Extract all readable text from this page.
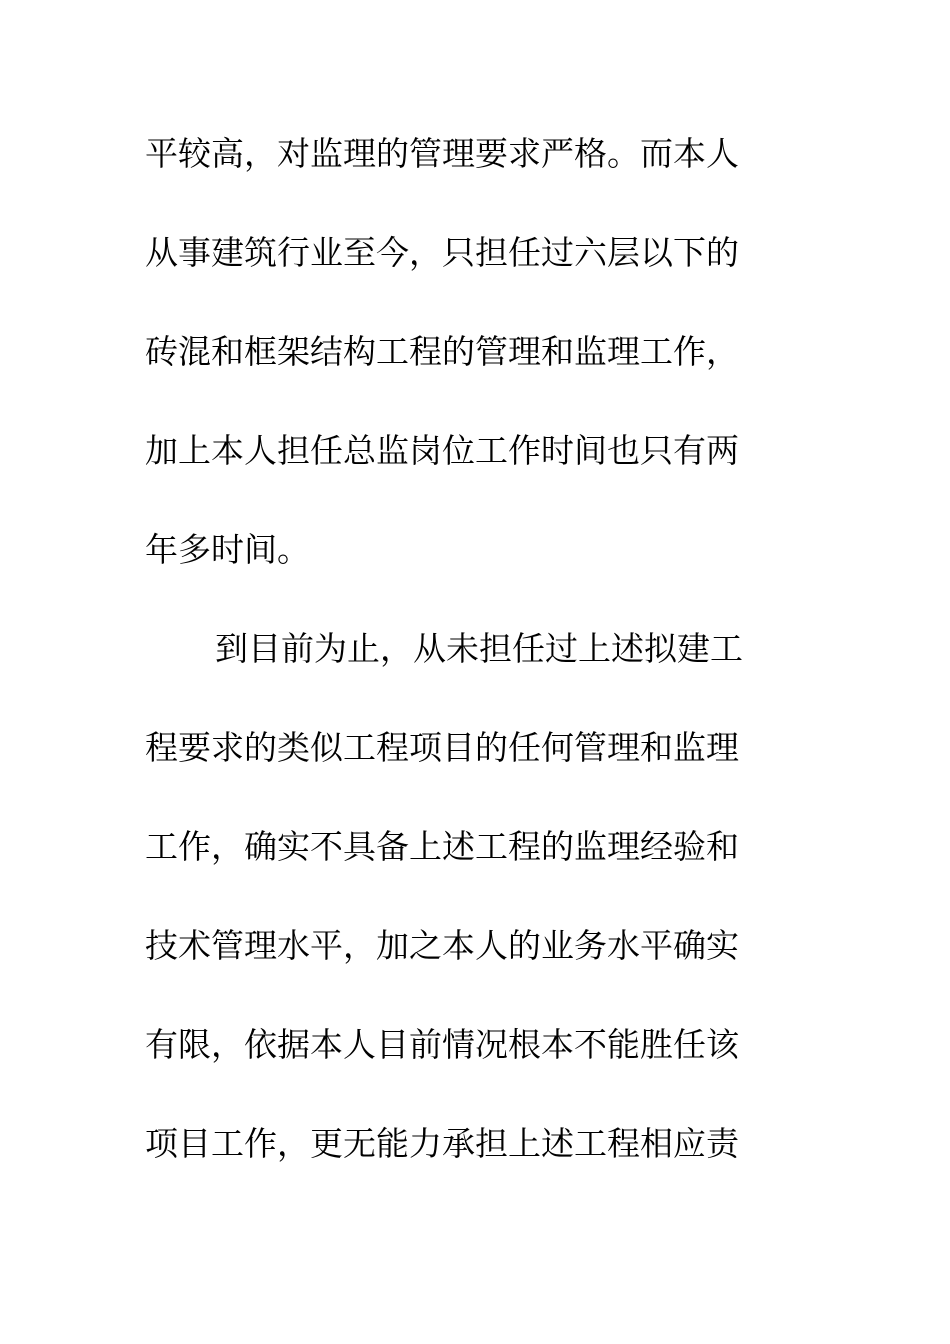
平较高，对监理的管理要求严格。而本人
从事建筑行业至今，只担任过六层以下的
砖混和框架结构工程的管理和监理工作，
加上本人担任总监岗位工作时间也只有两
年多时间。
到目前为止，从未担任过上述拟建工
程要求的类似工程项目的任何管理和监理
工作，确实不具备上述工程的监理经验和
技术管理水平，加之本人的业务水平确实
有限，依据本人目前情况根本不能胜任该
项目工作，更无能力承担上述工程相应责
